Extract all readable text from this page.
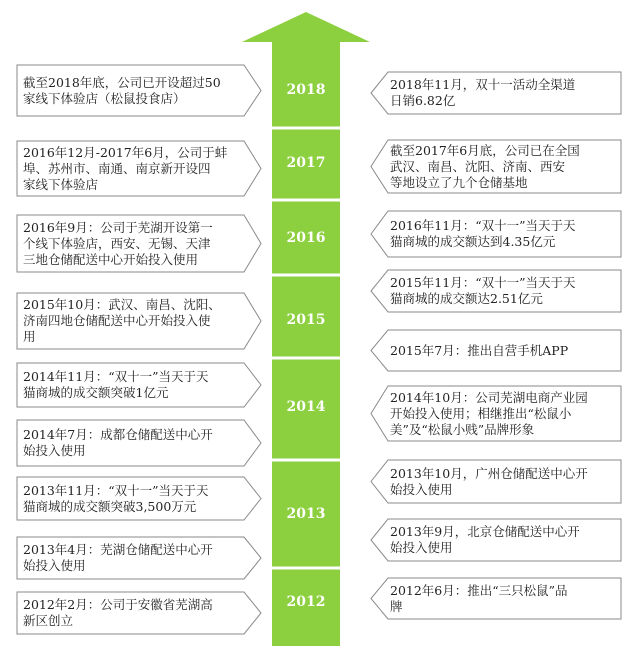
2018
2017
2016
2015
2014
2013
2012
截至2018年底，公司已开设超过50
家线下体验店（松鼠投食店）
2016年12月-2017年6月，公司于蚌
埠、苏州市、南通、南京新开设四
家线下体验店
2016年9月：公司于芜湖开设第一
个线下体验店，西安、无锡、天津
三地仓储配送中心开始投入使用
2015年10月：武汉、南昌、沈阳、
济南四地仓储配送中心开始投入使
用
2014年11月：“双十一”当天于天
猫商城的成交额突破1亿元
2014年7月：成都仓储配送中心开
始投入使用
2013年11月：“双十一”当天于天
猫商城的成交额突破3,500万元
2013年4月：芜湖仓储配送中心开
始投入使用
2012年2月：公司于安徽省芜湖高
新区创立
2018年11月，双十一活动全渠道
日销6.82亿
截至2017年6月底，公司已在全国
武汉、南昌、沈阳、济南、西安
等地设立了九个仓储基地
2016年11月：“双十一”当天于天
猫商城的成交额达到4.35亿元
2015年11月：“双十一”当天于天
猫商城的成交额达2.51亿元
2015年7月：推出自营手机APP
2014年10月：公司芜湖电商产业园
开始投入使用；相继推出“松鼠小
美”及“松鼠小贱”品牌形象
2013年10月，广州仓储配送中心开
始投入使用
2013年9月，北京仓储配送中心开
始投入使用
2012年6月：推出“三只松鼠”品
牌
